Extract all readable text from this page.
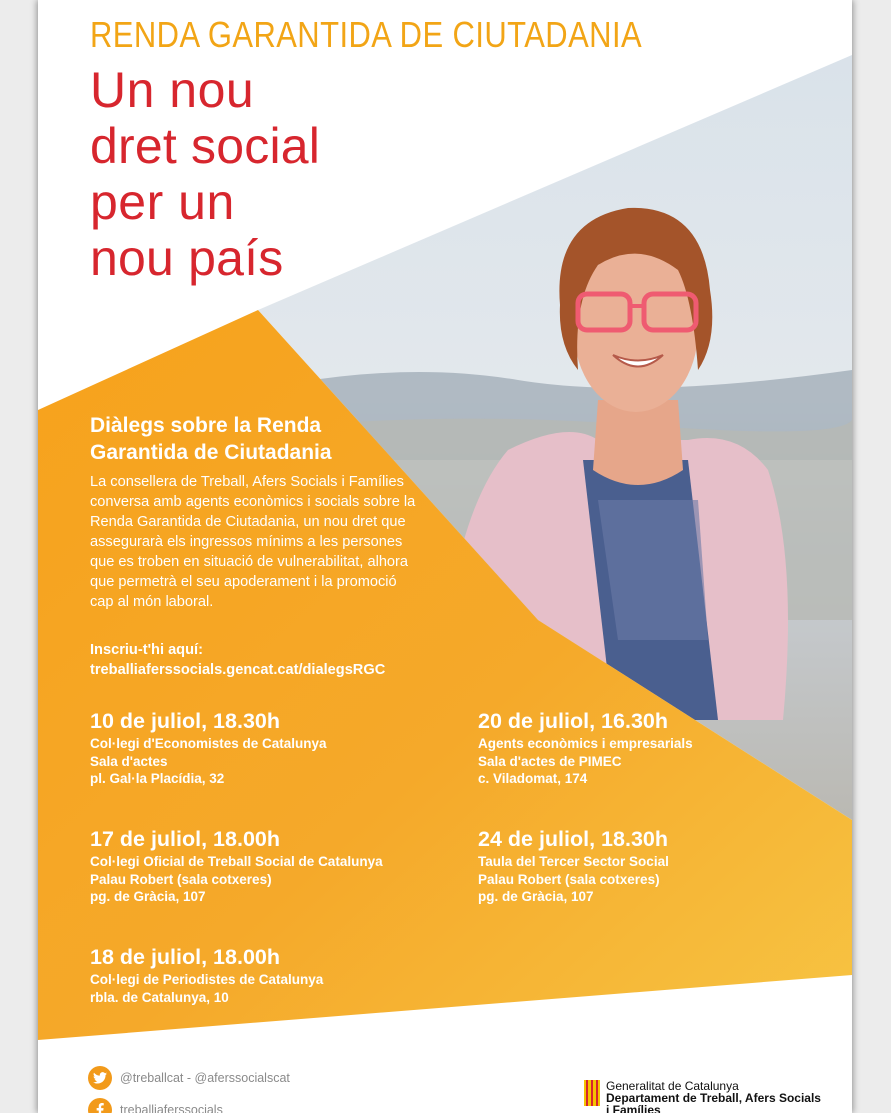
RENDA GARANTIDA DE CIUTADANIA
Un nou
dret social
per un
nou país
Diàlegs sobre la Renda Garantida de Ciutadania
La consellera de Treball, Afers Socials i Famílies conversa amb agents econòmics i socials sobre la Renda Garantida de Ciutadania, un nou dret que assegurarà els ingressos mínims a les persones que es troben en situació de vulnerabilitat, alhora que permetrà el seu apoderament i la promoció cap al món laboral.
Inscriu-t'hi aquí:
treballiaferssocials.gencat.cat/dialegsRGC
10 de juliol, 18.30h
Col·legi d'Economistes de Catalunya
Sala d'actes
pl. Gal·la Placídia, 32
20 de juliol, 16.30h
Agents econòmics i empresarials
Sala d'actes de PIMEC
c. Viladomat, 174
17 de juliol, 18.00h
Col·legi Oficial de Treball Social de Catalunya
Palau Robert (sala cotxeres)
pg. de Gràcia, 107
24 de juliol, 18.30h
Taula del Tercer Sector Social
Palau Robert (sala cotxeres)
pg. de Gràcia, 107
18 de juliol, 18.00h
Col·legi de Periodistes de Catalunya
rbla. de Catalunya, 10
@treballcat - @aferssocialscat
treballiaferssocials
Generalitat de Catalunya
Departament de Treball, Afers Socials
i Famílies
